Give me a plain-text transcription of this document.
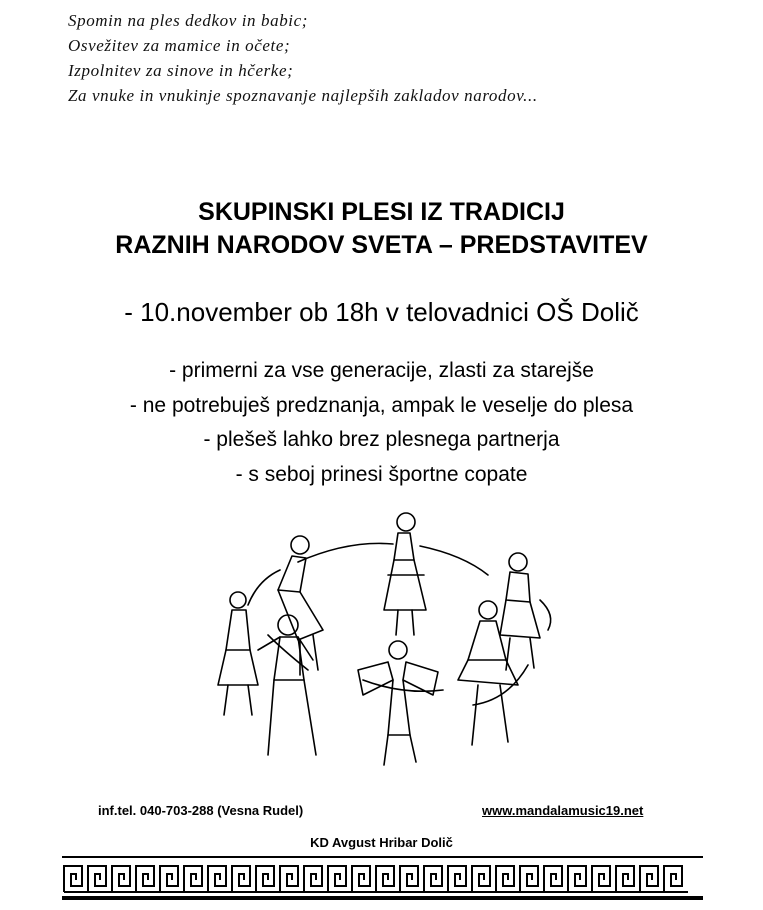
Spomin na ples dedkov in babic;
Osvežitev za mamice in očete;
Izpolnitev za sinove in hčerke;
Za vnuke in vnukinje spoznavanje najlepših zakladov narodov...
SKUPINSKI PLESI IZ TRADICIJ
RAZNIH NARODOV SVETA – PREDSTAVITEV
- 10.november ob 18h v telovadnici OŠ Dolič
- primerni za vse generacije, zlasti za starejše
- ne potrebuješ predznanja, ampak le veselje do plesa
- plešeš lahko brez plesnega partnerja
- s seboj prinesi športne copate
inf.tel. 040-703-288 (Vesna Rudel)	www.mandalamusic19.net
KD Avgust Hribar Dolič
